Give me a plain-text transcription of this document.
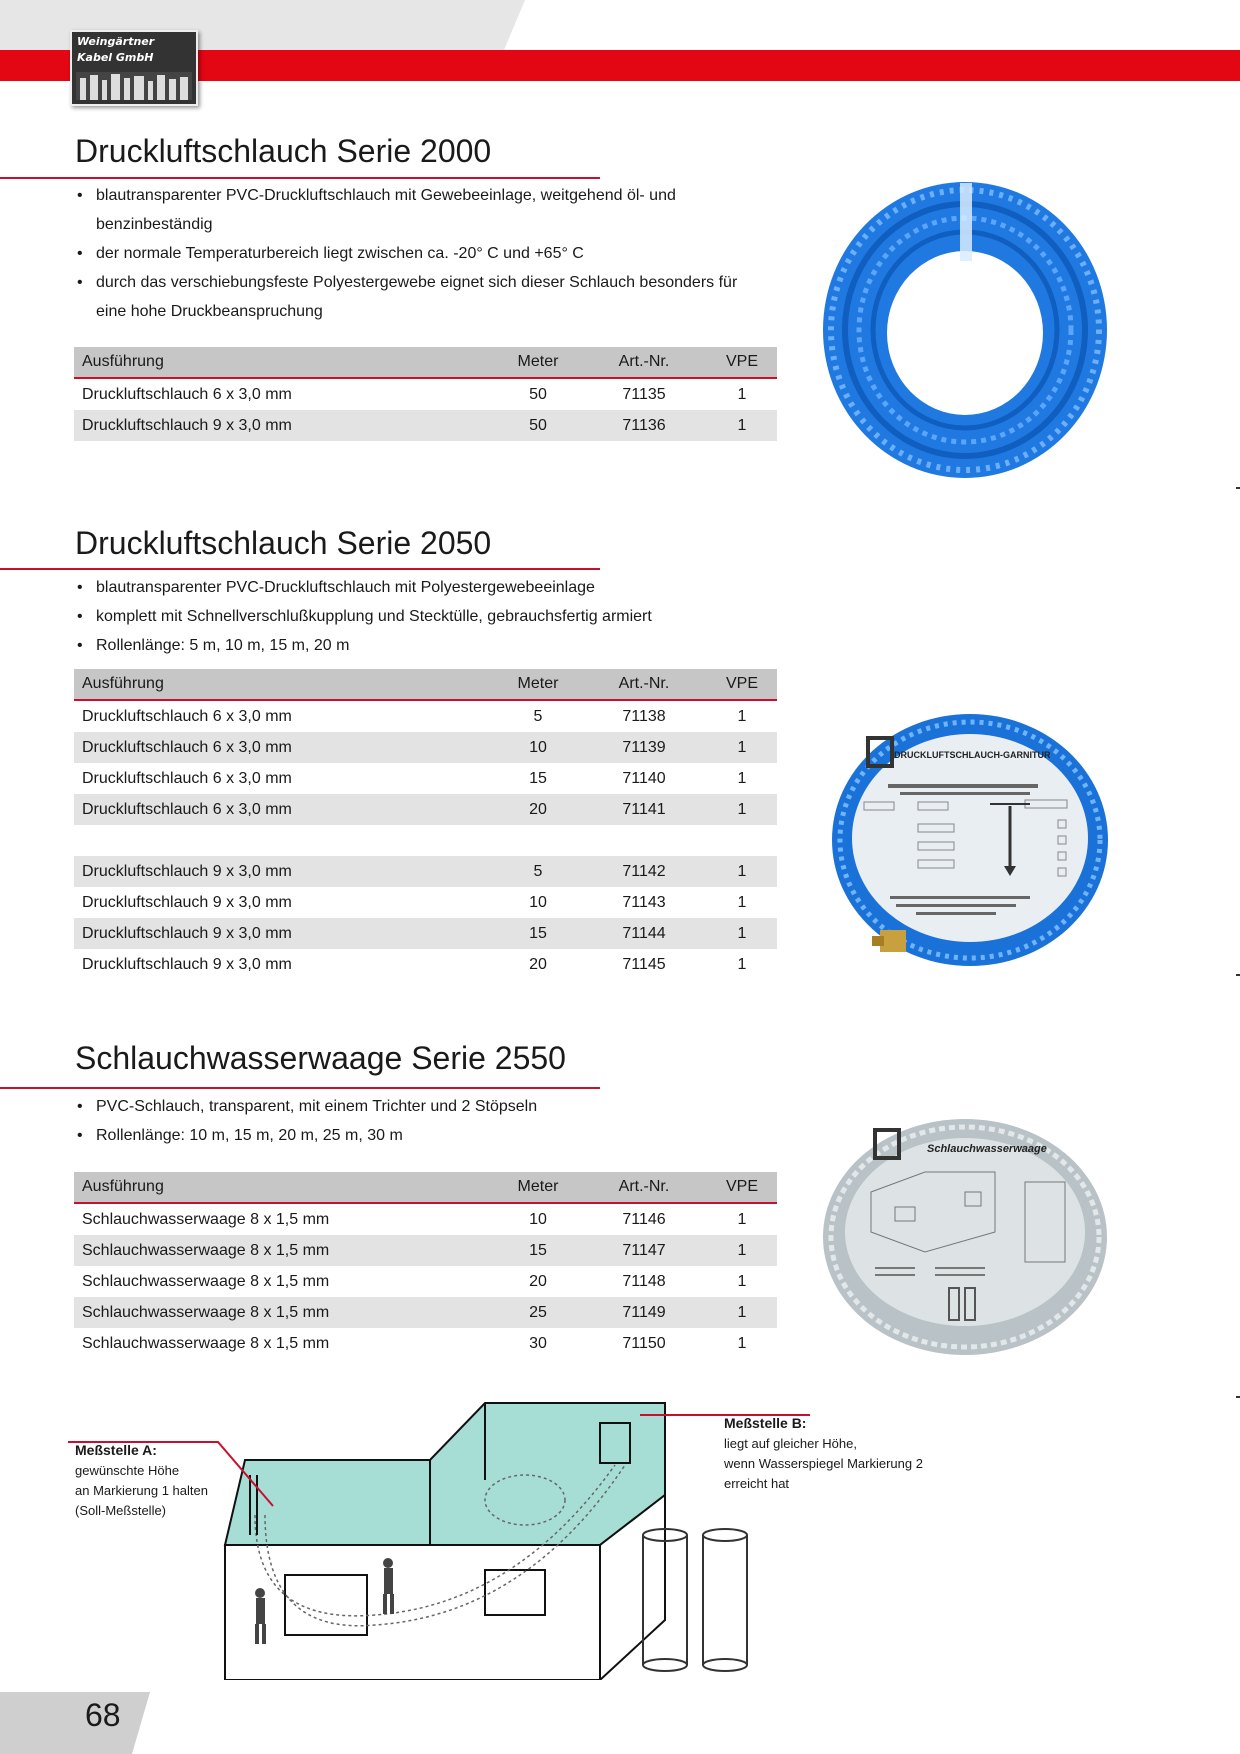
Weingärtner
Kabel GmbH
Druckluftschlauch Serie 2000
• blautransparenter PVC-Druckluftschlauch mit Gewebeeinlage, weitgehend öl- und benzinbeständig
• der normale Temperaturbereich liegt zwischen ca. -20° C und +65° C
• durch das verschiebungsfeste Polyestergewebe eignet sich dieser Schlauch besonders für eine hohe Druckbeanspruchung
Ausführung	Meter	Art.-Nr.	VPE
Druckluftschlauch 6 x 3,0 mm	50	71135	1
Druckluftschlauch 9 x 3,0 mm	50	71136	1
Druckluftschlauch Serie 2050
• blautransparenter PVC-Druckluftschlauch mit Polyestergewebeeinlage
• komplett mit Schnellverschlußkupplung und Stecktülle, gebrauchsfertig armiert
• Rollenlänge: 5 m, 10 m, 15 m, 20 m
Ausführung	Meter	Art.-Nr.	VPE
Druckluftschlauch 6 x 3,0 mm	5	71138	1
Druckluftschlauch 6 x 3,0 mm	10	71139	1
Druckluftschlauch 6 x 3,0 mm	15	71140	1
Druckluftschlauch 6 x 3,0 mm	20	71141	1

Druckluftschlauch 9 x 3,0 mm	5	71142	1
Druckluftschlauch 9 x 3,0 mm	10	71143	1
Druckluftschlauch 9 x 3,0 mm	15	71144	1
Druckluftschlauch 9 x 3,0 mm	20	71145	1
DRUCKLUFTSCHLAUCH-GARNITUR
Schlauchwasserwaage Serie 2550
• PVC-Schlauch, transparent, mit einem Trichter und 2 Stöpseln
• Rollenlänge: 10 m, 15 m, 20 m, 25 m, 30 m
Ausführung	Meter	Art.-Nr.	VPE
Schlauchwasserwaage 8 x 1,5 mm	10	71146	1
Schlauchwasserwaage 8 x 1,5 mm	15	71147	1
Schlauchwasserwaage 8 x 1,5 mm	20	71148	1
Schlauchwasserwaage 8 x 1,5 mm	25	71149	1
Schlauchwasserwaage 8 x 1,5 mm	30	71150	1
Schlauchwasserwaage
Meßstelle A:
gewünschte Höhe
an Markierung 1 halten
(Soll-Meßstelle)
Meßstelle B:
liegt auf gleicher Höhe,
wenn Wasserspiegel Markierung 2
erreicht hat
68
